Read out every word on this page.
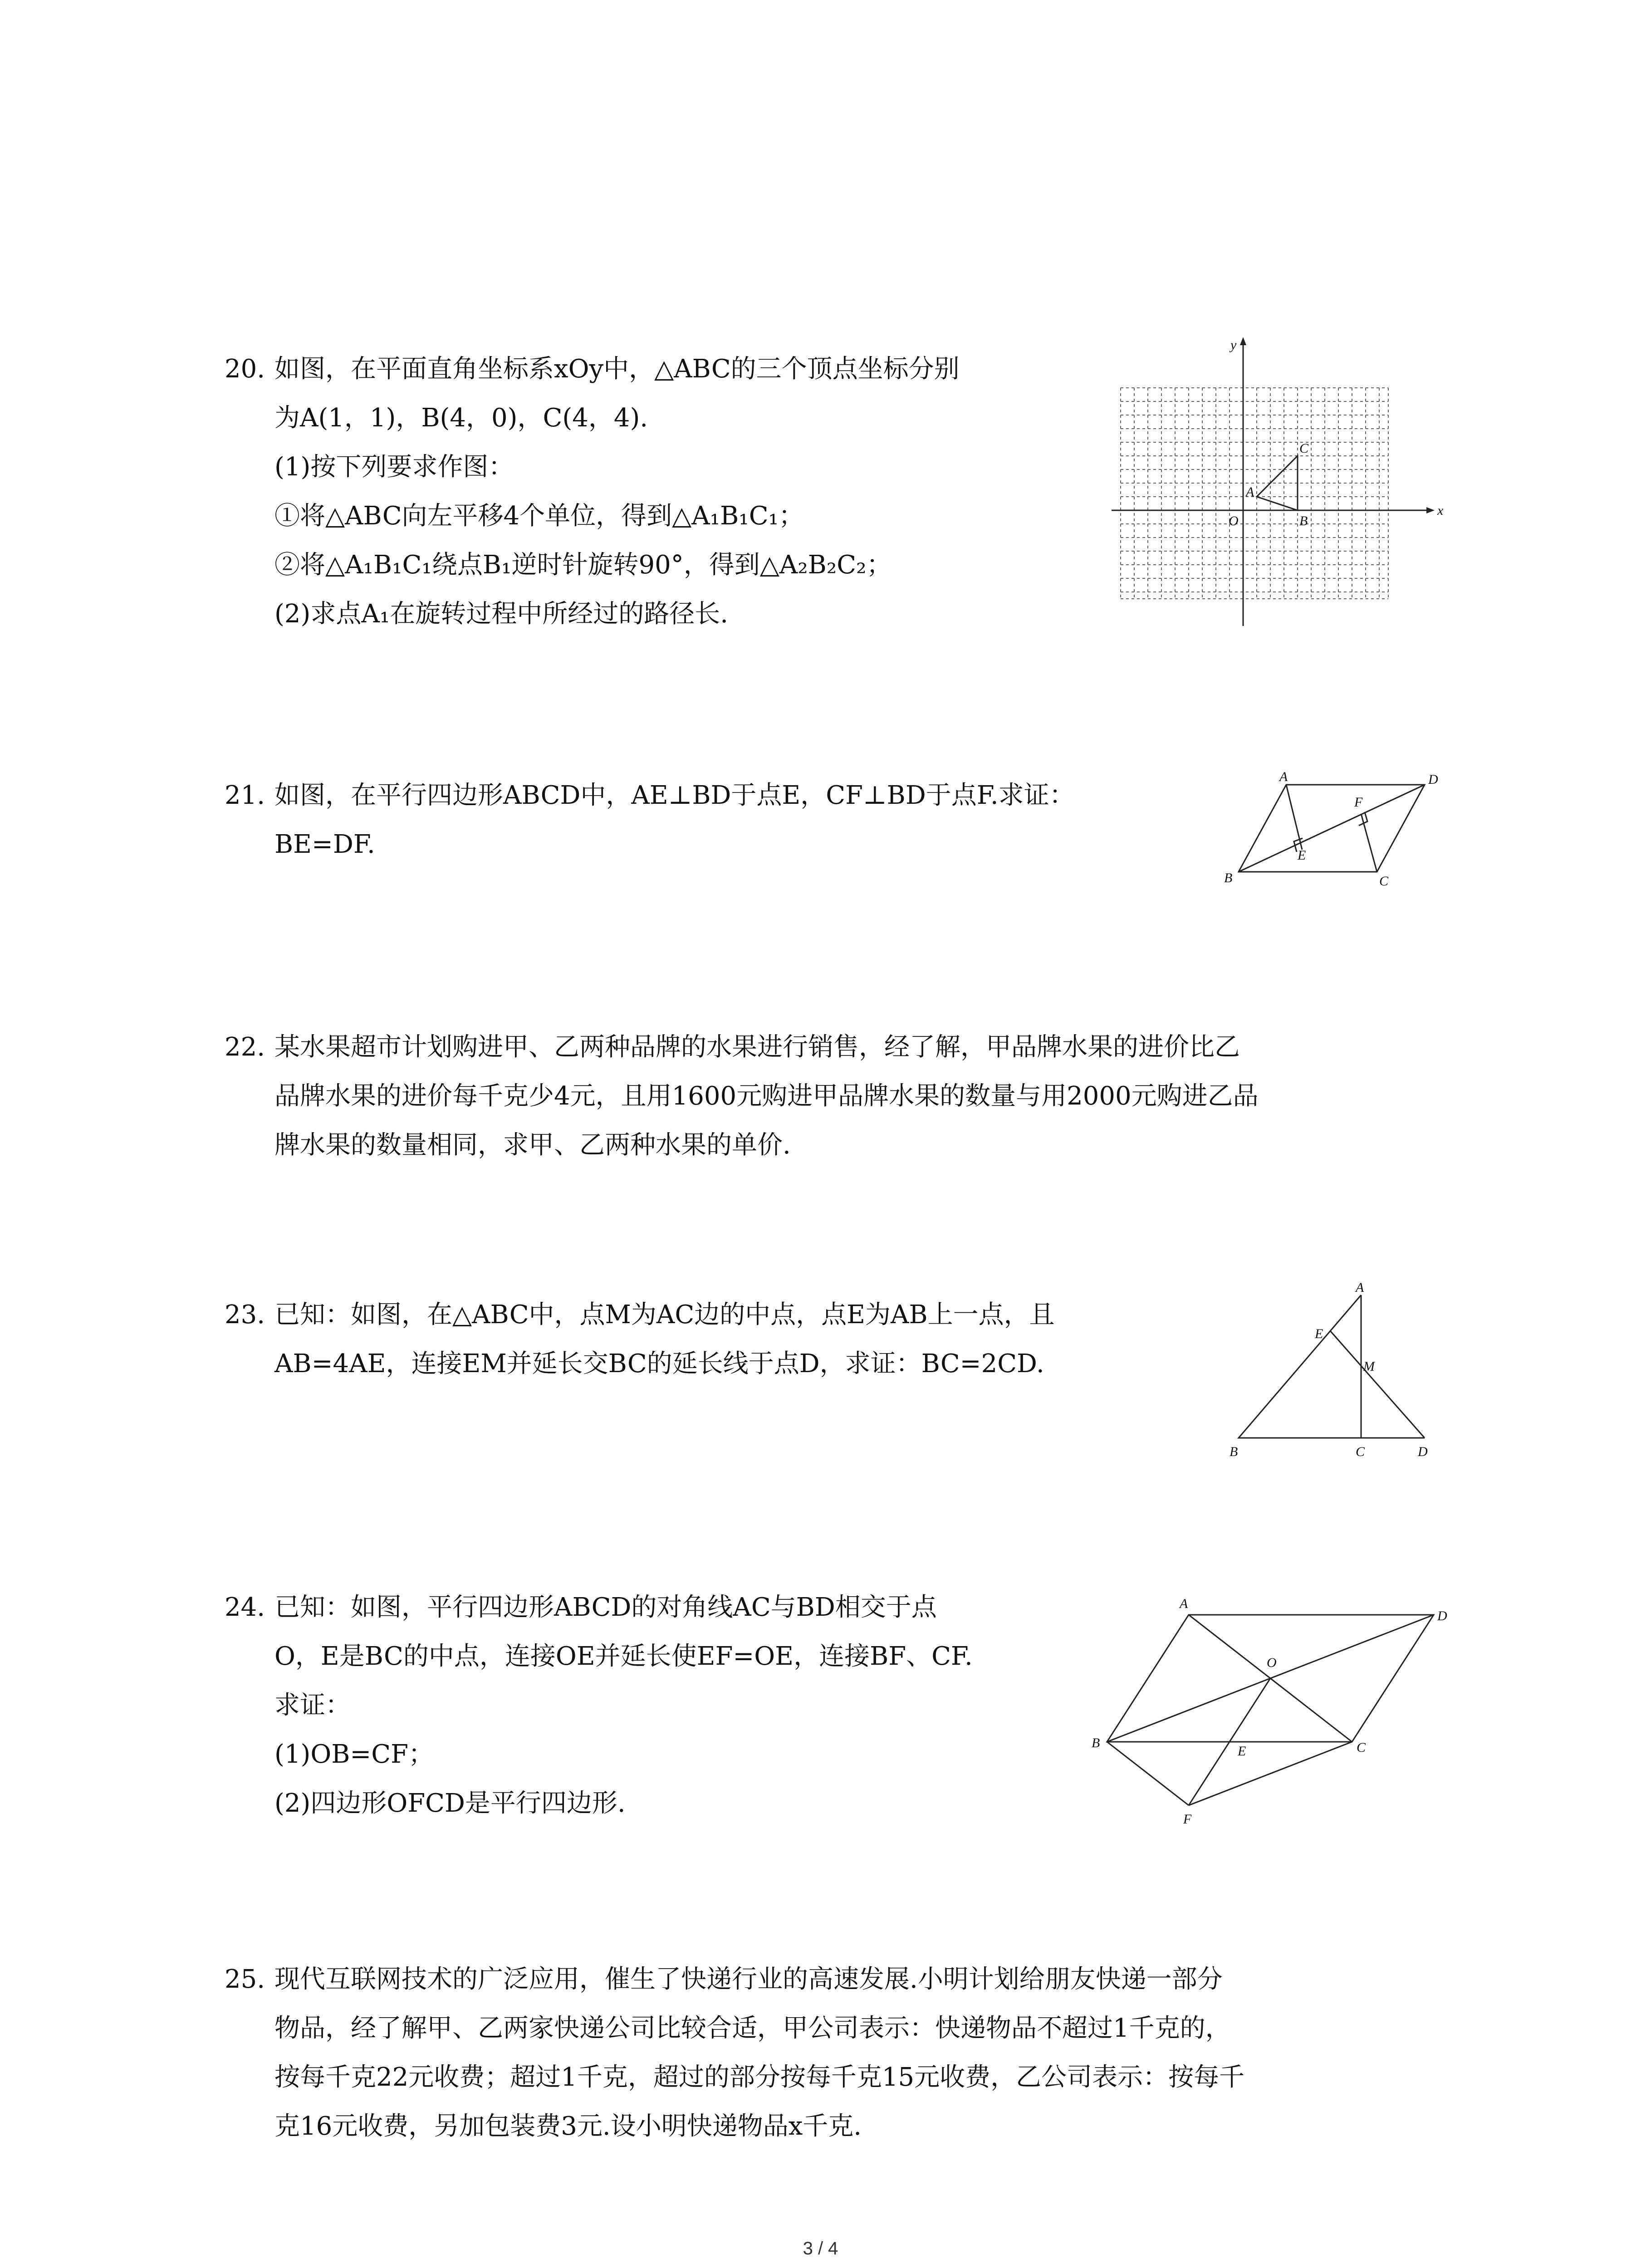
20. 如图，在平面直角坐标系xOy中，△ABC的三个顶点坐标分别
为A(1，1)，B(4，0)，C(4，4).
(1)按下列要求作图：
①将△ABC向左平移4个单位，得到△A₁B₁C₁；
②将△A₁B₁C₁绕点B₁逆时针旋转90°，得到△A₂B₂C₂；
(2)求点A₁在旋转过程中所经过的路径长.
x
y
O
A
B
C
21. 如图，在平行四边形ABCD中，AE⊥BD于点E，CF⊥BD于点F.求证：
BE=DF.
A	D
B	C
E
F
22. 某水果超市计划购进甲、乙两种品牌的水果进行销售，经了解，甲品牌水果的进价比乙
品牌水果的进价每千克少4元，且用1600元购进甲品牌水果的数量与用2000元购进乙品
牌水果的数量相同，求甲、乙两种水果的单价.
23. 已知：如图，在△ABC中，点M为AC边的中点，点E为AB上一点，且
AB=4AE，连接EM并延长交BC的延长线于点D，求证：BC=2CD.
A
E
M
B	C	D
24. 已知：如图，平行四边形ABCD的对角线AC与BD相交于点
O，E是BC的中点，连接OE并延长使EF=OE，连接BF、CF.
求证：
(1)OB=CF；
(2)四边形OFCD是平行四边形.
A
D
O
B	C
E
F
25. 现代互联网技术的广泛应用，催生了快递行业的高速发展.小明计划给朋友快递一部分
物品，经了解甲、乙两家快递公司比较合适，甲公司表示：快递物品不超过1千克的，
按每千克22元收费；超过1千克，超过的部分按每千克15元收费，乙公司表示：按每千
克16元收费，另加包装费3元.设小明快递物品x千克.
3 / 4
